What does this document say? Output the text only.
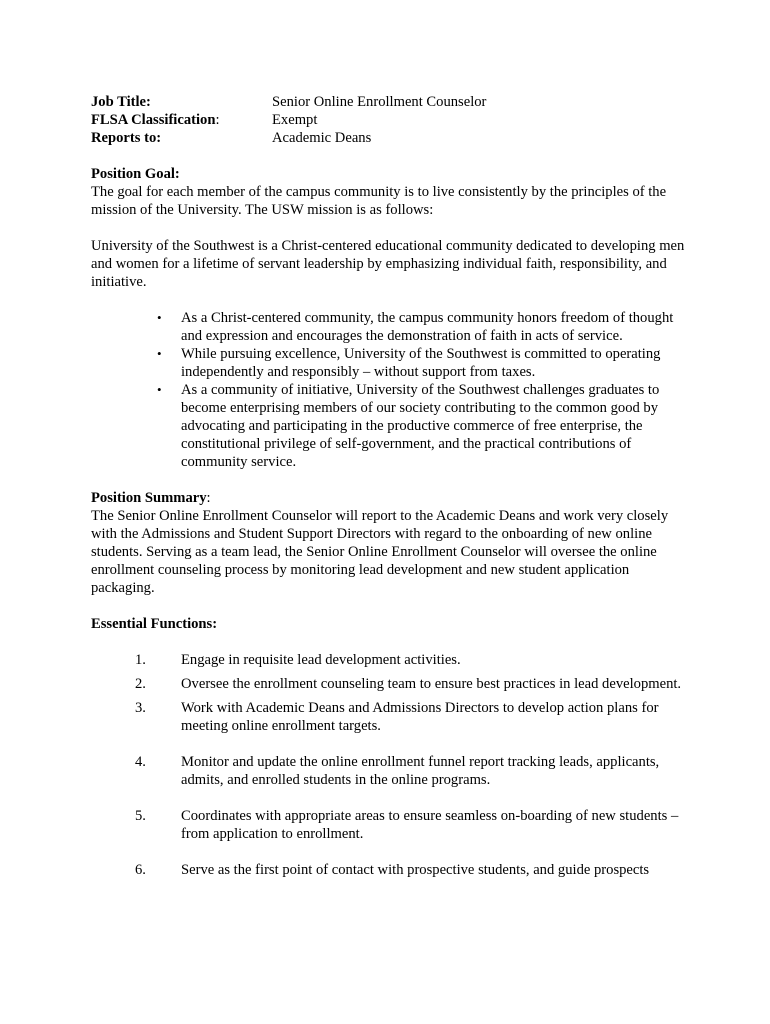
Job Title:	Senior Online Enrollment Counselor
FLSA Classification:	Exempt
Reports to:	Academic Deans
Position Goal:

The goal for each member of the campus community is to live consistently by the principles of the mission of the University. The USW mission is as follows:

University of the Southwest is a Christ-centered educational community dedicated to developing men and women for a lifetime of servant leadership by emphasizing individual faith, responsibility, and initiative.

• As a Christ-centered community, the campus community honors freedom of thought and expression and encourages the demonstration of faith in acts of service.
• While pursuing excellence, University of the Southwest is committed to operating independently and responsibly – without support from taxes.
• As a community of initiative, University of the Southwest challenges graduates to become enterprising members of our society contributing to the common good by advocating and participating in the productive commerce of free enterprise, the constitutional privilege of self-government, and the practical contributions of community service.
Position Summary:

The Senior Online Enrollment Counselor will report to the Academic Deans and work very closely with the Admissions and Student Support Directors with regard to the onboarding of new online students. Serving as a team lead, the Senior Online Enrollment Counselor will oversee the online enrollment counseling process by monitoring lead development and new student application packaging.

Essential Functions:
1. Engage in requisite lead development activities.
2. Oversee the enrollment counseling team to ensure best practices in lead development.
3. Work with Academic Deans and Admissions Directors to develop action plans for meeting online enrollment targets.
4. Monitor and update the online enrollment funnel report tracking leads, applicants, admits, and enrolled students in the online programs.
5. Coordinates with appropriate areas to ensure seamless on-boarding of new students – from application to enrollment.
6. Serve as the first point of contact with prospective students, and guide prospects
